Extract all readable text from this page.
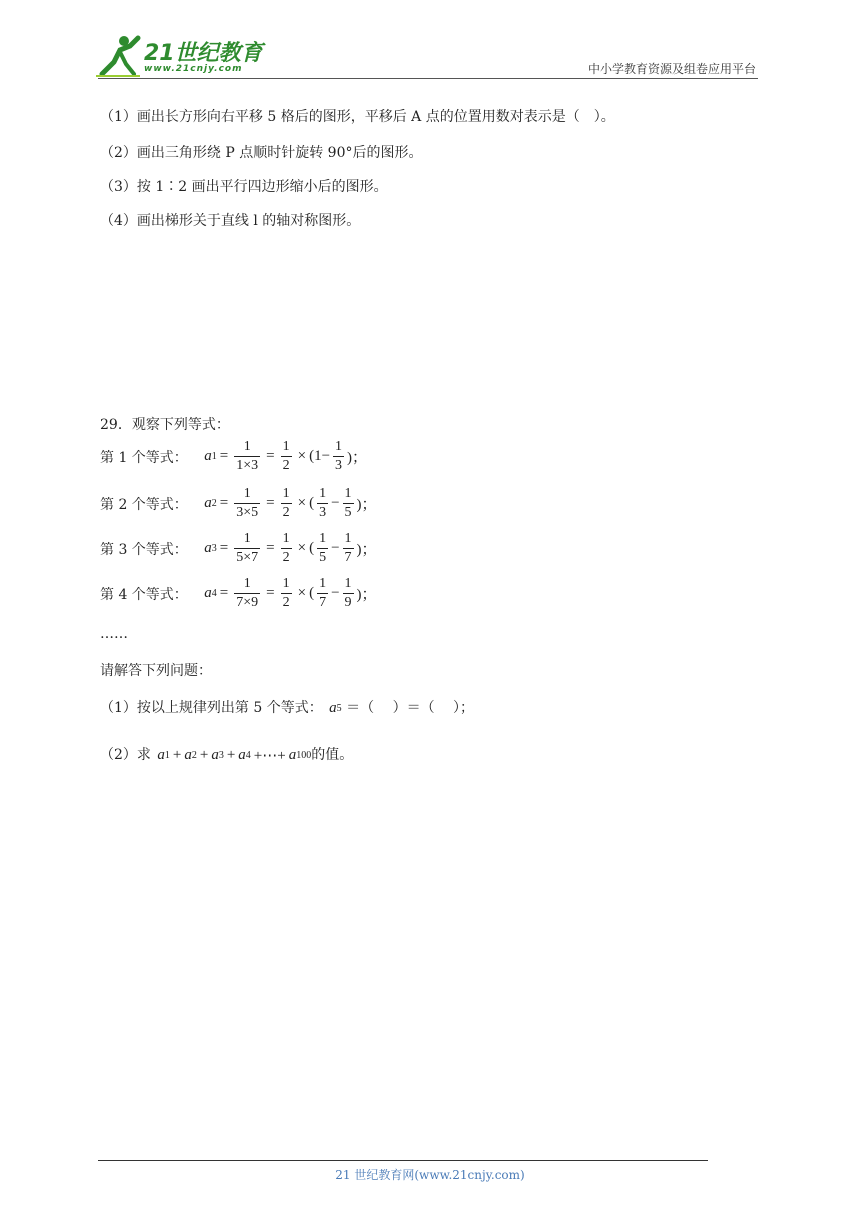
21世纪教育
www.21cnjy.com	中小学教育资源及组卷应用平台
（1）画出长方形向右平移 5 格后的图形，平移后 A 点的位置用数对表示是（　）。
（2）画出三角形绕 P 点顺时针旋转 90°后的图形。
（3）按 1∶2 画出平行四边形缩小后的图形。
（4）画出梯形关于直线 l 的轴对称图形。
29．观察下列等式：
第 1 个等式： a $1 = \frac{1}{1\times 3} = \frac{1}{2}$ × ( $1- \frac{1}{3}$ )；
第 2 个等式： a $2 = \frac{1}{3\times 5} = \frac{1}{2}$ × ( $\frac{1}{3} - \frac{1}{5}$ )；
第 3 个等式： a $3 = \frac{1}{5\times 7} = \frac{1}{2}$ × ( $\frac{1}{5} - \frac{1}{7}$ )；
第 4 个等式： a $4 = \frac{1}{7\times 9} = \frac{1}{2}$ × ( $\frac{1}{7} - \frac{1}{9}$ )；
……
请解答下列问题：
（1）按以上规律列出第 5 个等式： a 5 ＝（　 ）＝（　 ）；
（2）求 a 1 + a 2 + a 3 + a 4 +⋯+ a 100 的值。
21 世纪教育网(www.21cnjy.com)
